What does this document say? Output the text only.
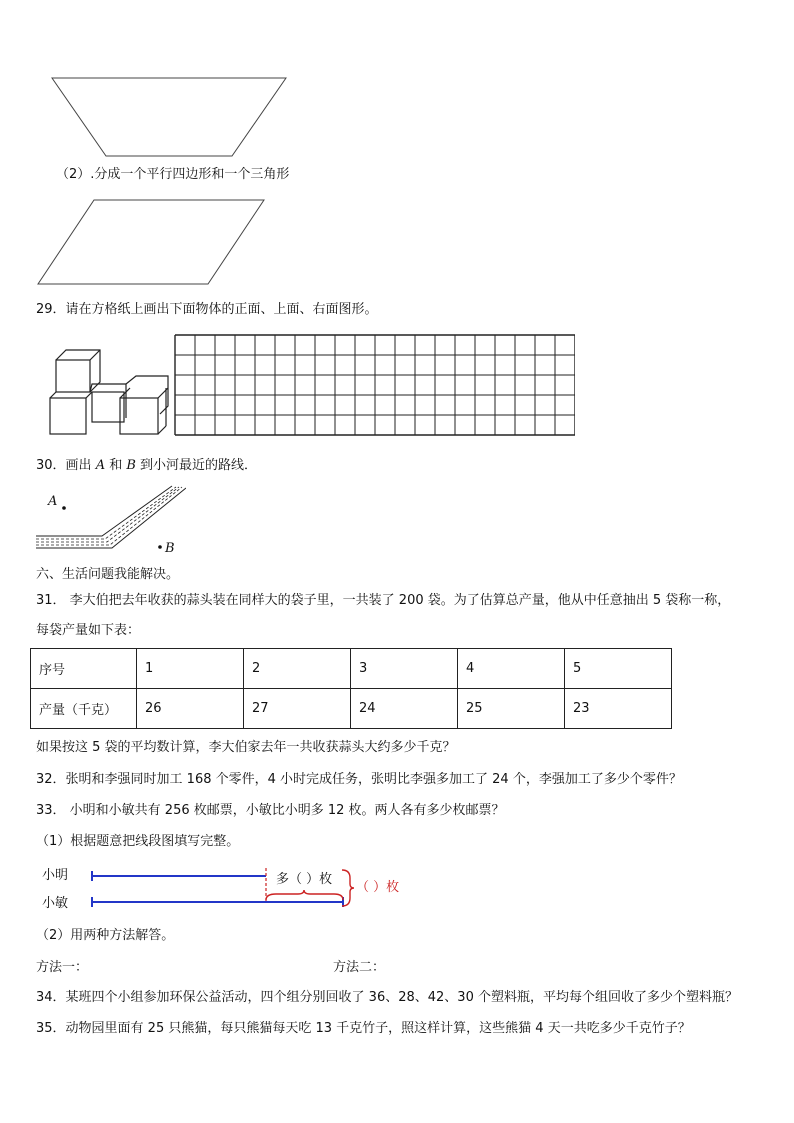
（2）.分成一个平行四边形和一个三角形
29．请在方格纸上画出下面物体的正面、上面、右面图形。
30．画出 A 和 B 到小河最近的路线．
A
B
六、生活问题我能解决。
31． 李大伯把去年收获的蒜头装在同样大的袋子里，一共装了 200 袋。为了估算总产量，他从中任意抽出 5 袋称一称，
每袋产量如下表：
序号	1	2	3	4	5
产量（千克）	26	27	24	25	23
如果按这 5 袋的平均数计算，李大伯家去年一共收获蒜头大约多少千克？
32．张明和李强同时加工 168 个零件，4 小时完成任务，张明比李强多加工了 24 个，李强加工了多少个零件？
33． 小明和小敏共有 256 枚邮票，小敏比小明多 12 枚。两人各有多少枚邮票？
（1）根据题意把线段图填写完整。
小明
小敏
多（ ）枚
（ ）枚
（2）用两种方法解答。
方法一：	方法二：
34．某班四个小组参加环保公益活动，四个组分别回收了 36、28、42、30 个塑料瓶，平均每个组回收了多少个塑料瓶？
35．动物园里面有 25 只熊猫，每只熊猫每天吃 13 千克竹子，照这样计算，这些熊猫 4 天一共吃多少千克竹子？
